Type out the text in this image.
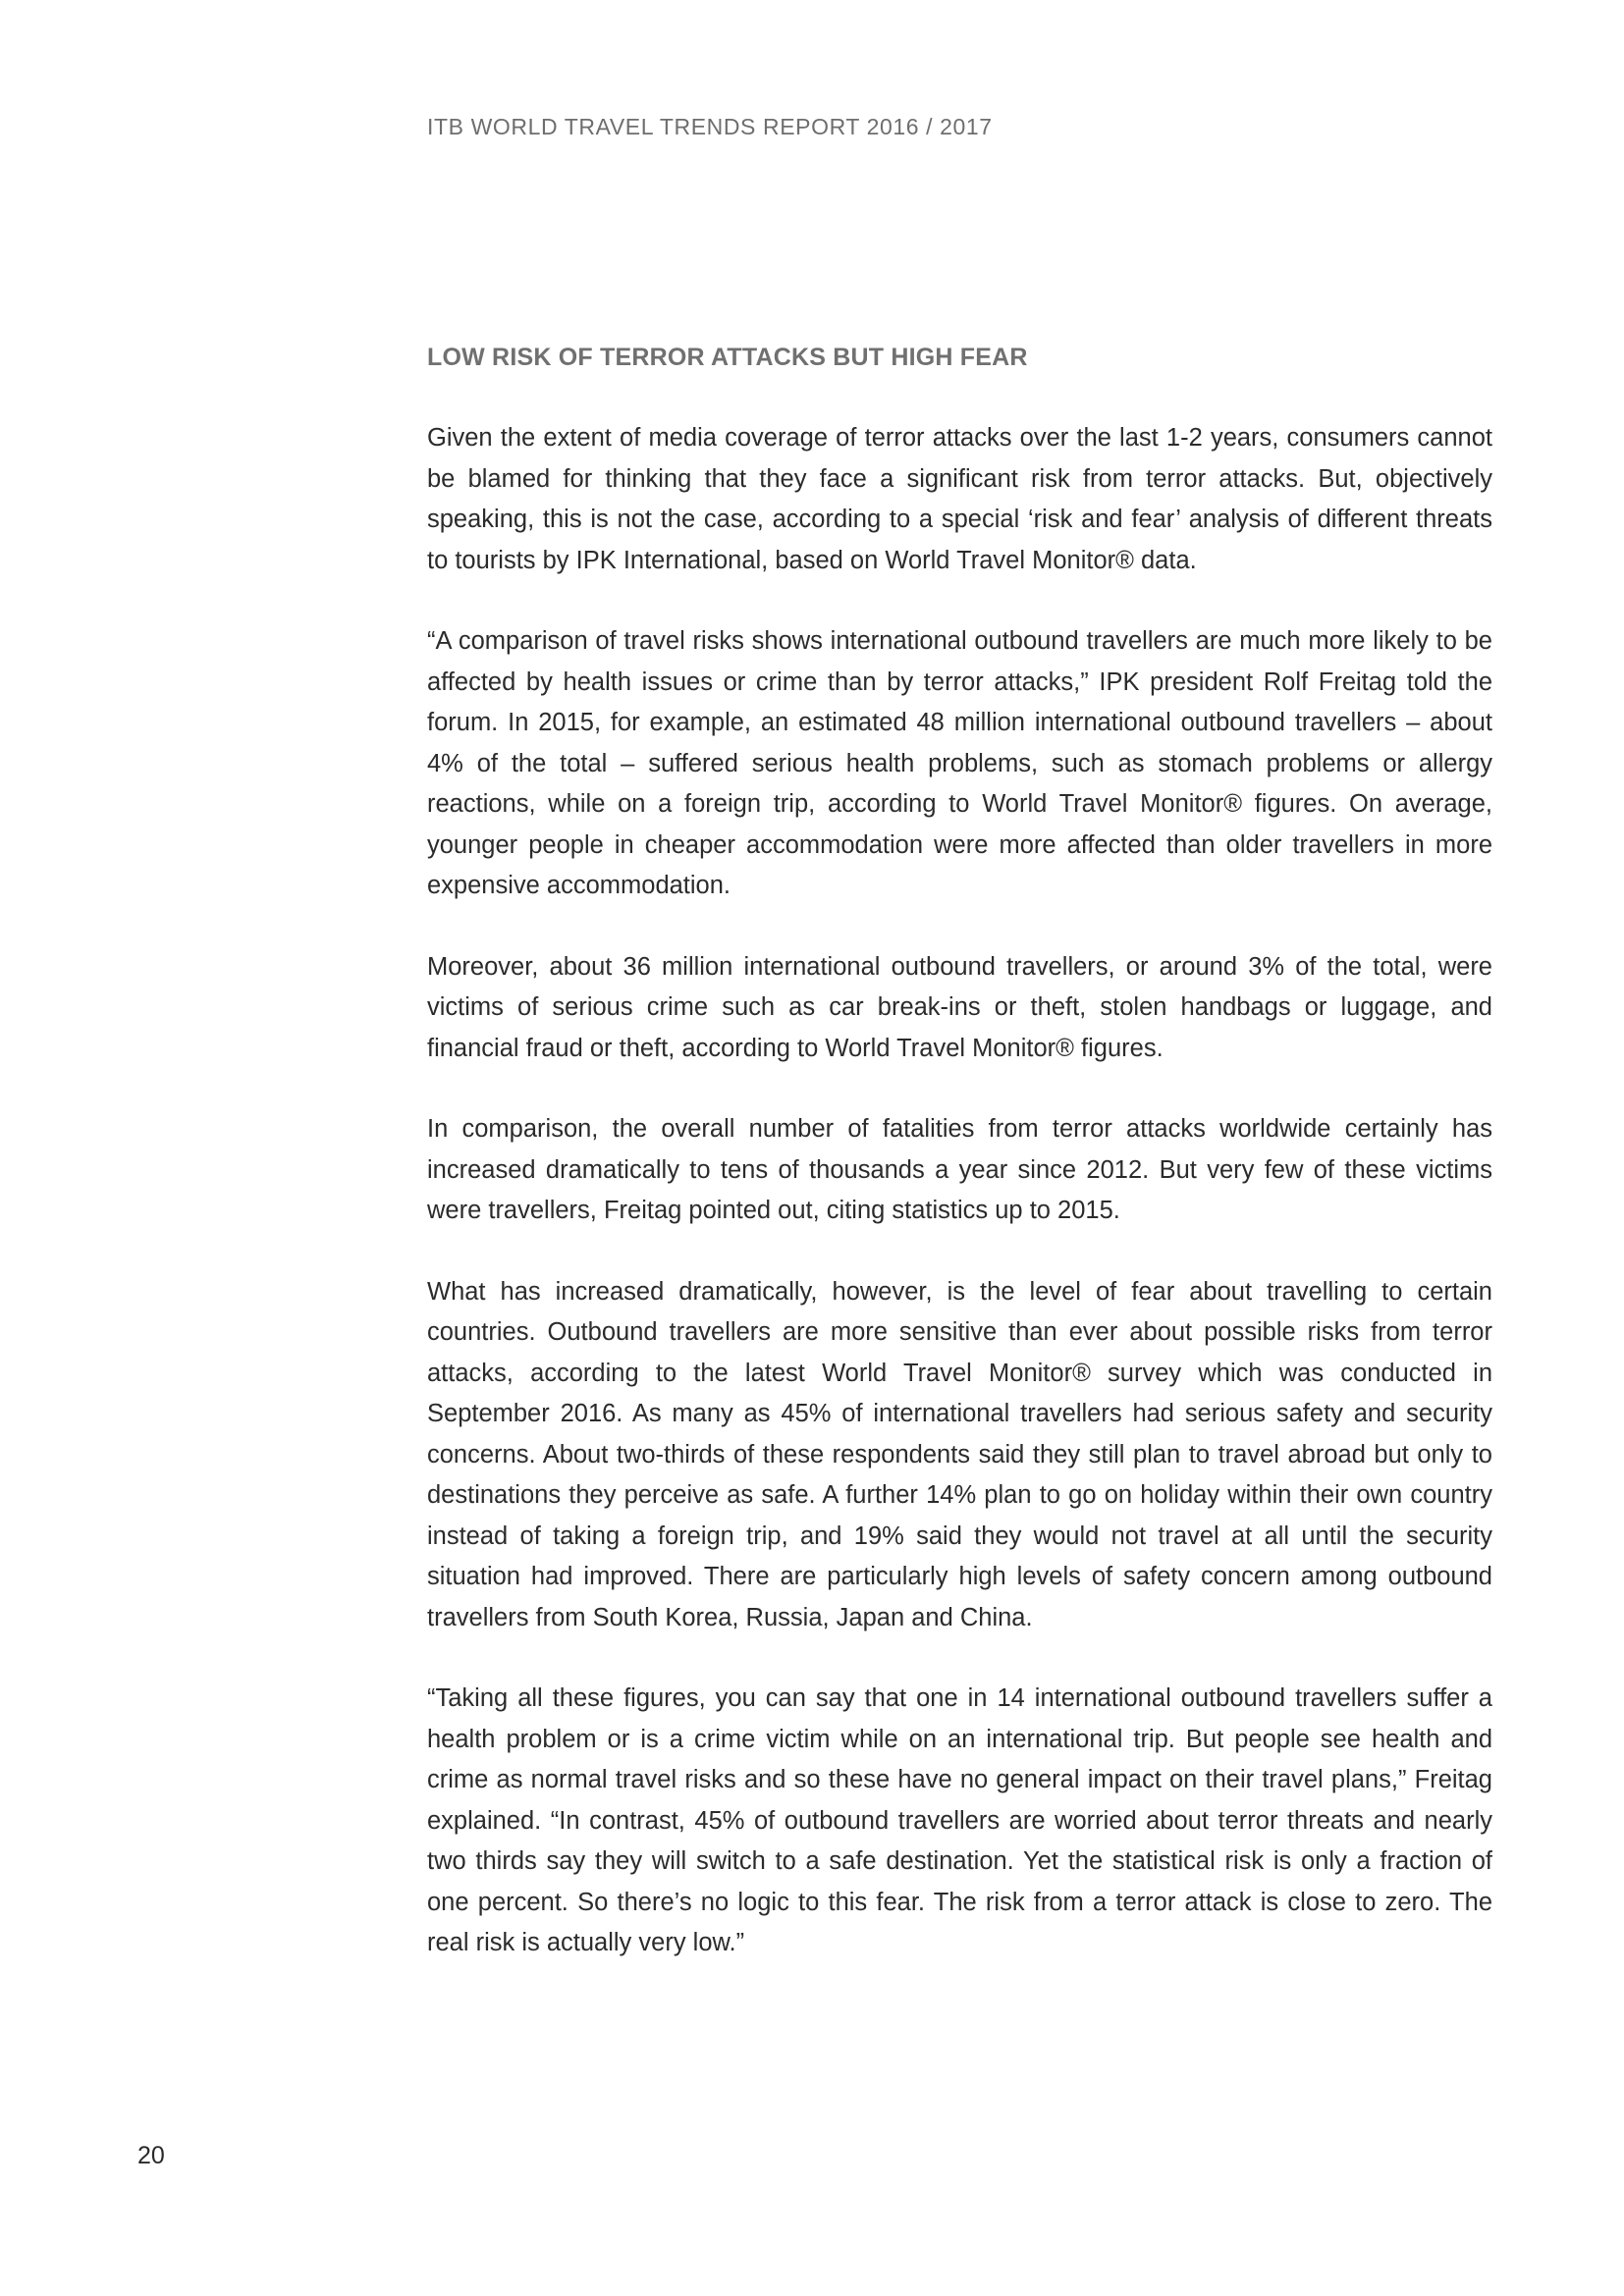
ITB WORLD TRAVEL TRENDS REPORT 2016 / 2017
LOW RISK OF TERROR ATTACKS BUT HIGH FEAR

Given the extent of media coverage of terror attacks over the last 1-2 years, consumers cannot be blamed for thinking that they face a significant risk from terror attacks. But, objectively speaking, this is not the case, according to a special ‘risk and fear’ analysis of different threats to tourists by IPK International, based on World Travel Monitor® data.

“A comparison of travel risks shows international outbound travellers are much more likely to be affected by health issues or crime than by terror attacks,” IPK president Rolf Freitag told the forum. In 2015, for example, an estimated 48 million international outbound travellers – about 4% of the total – suffered serious health problems, such as stomach problems or allergy reactions, while on a foreign trip, according to World Travel Monitor® figures. On average, younger people in cheaper accommodation were more affected than older travellers in more expensive accommodation.

Moreover, about 36 million international outbound travellers, or around 3% of the total, were victims of serious crime such as car break-ins or theft, stolen handbags or luggage, and financial fraud or theft, according to World Travel Monitor® figures.

In comparison, the overall number of fatalities from terror attacks worldwide certainly has increased dramatically to tens of thousands a year since 2012. But very few of these victims were travellers, Freitag pointed out, citing statistics up to 2015.

What has increased dramatically, however, is the level of fear about travelling to certain countries. Outbound travellers are more sensitive than ever about possible risks from terror attacks, according to the latest World Travel Monitor® survey which was conducted in September 2016. As many as 45% of international travellers had serious safety and security concerns. About two-thirds of these respondents said they still plan to travel abroad but only to destinations they perceive as safe. A further 14% plan to go on holiday within their own country instead of taking a foreign trip, and 19% said they would not travel at all until the security situation had improved. There are particularly high levels of safety concern among outbound travellers from South Korea, Russia, Japan and China.

“Taking all these figures, you can say that one in 14 international outbound travellers suffer a health problem or is a crime victim while on an international trip. But people see health and crime as normal travel risks and so these have no general impact on their travel plans,” Freitag explained. “In contrast, 45% of outbound travellers are worried about terror threats and nearly two thirds say they will switch to a safe destination. Yet the statistical risk is only a fraction of one percent. So there’s no logic to this fear. The risk from a terror attack is close to zero. The real risk is actually very low.”

20
